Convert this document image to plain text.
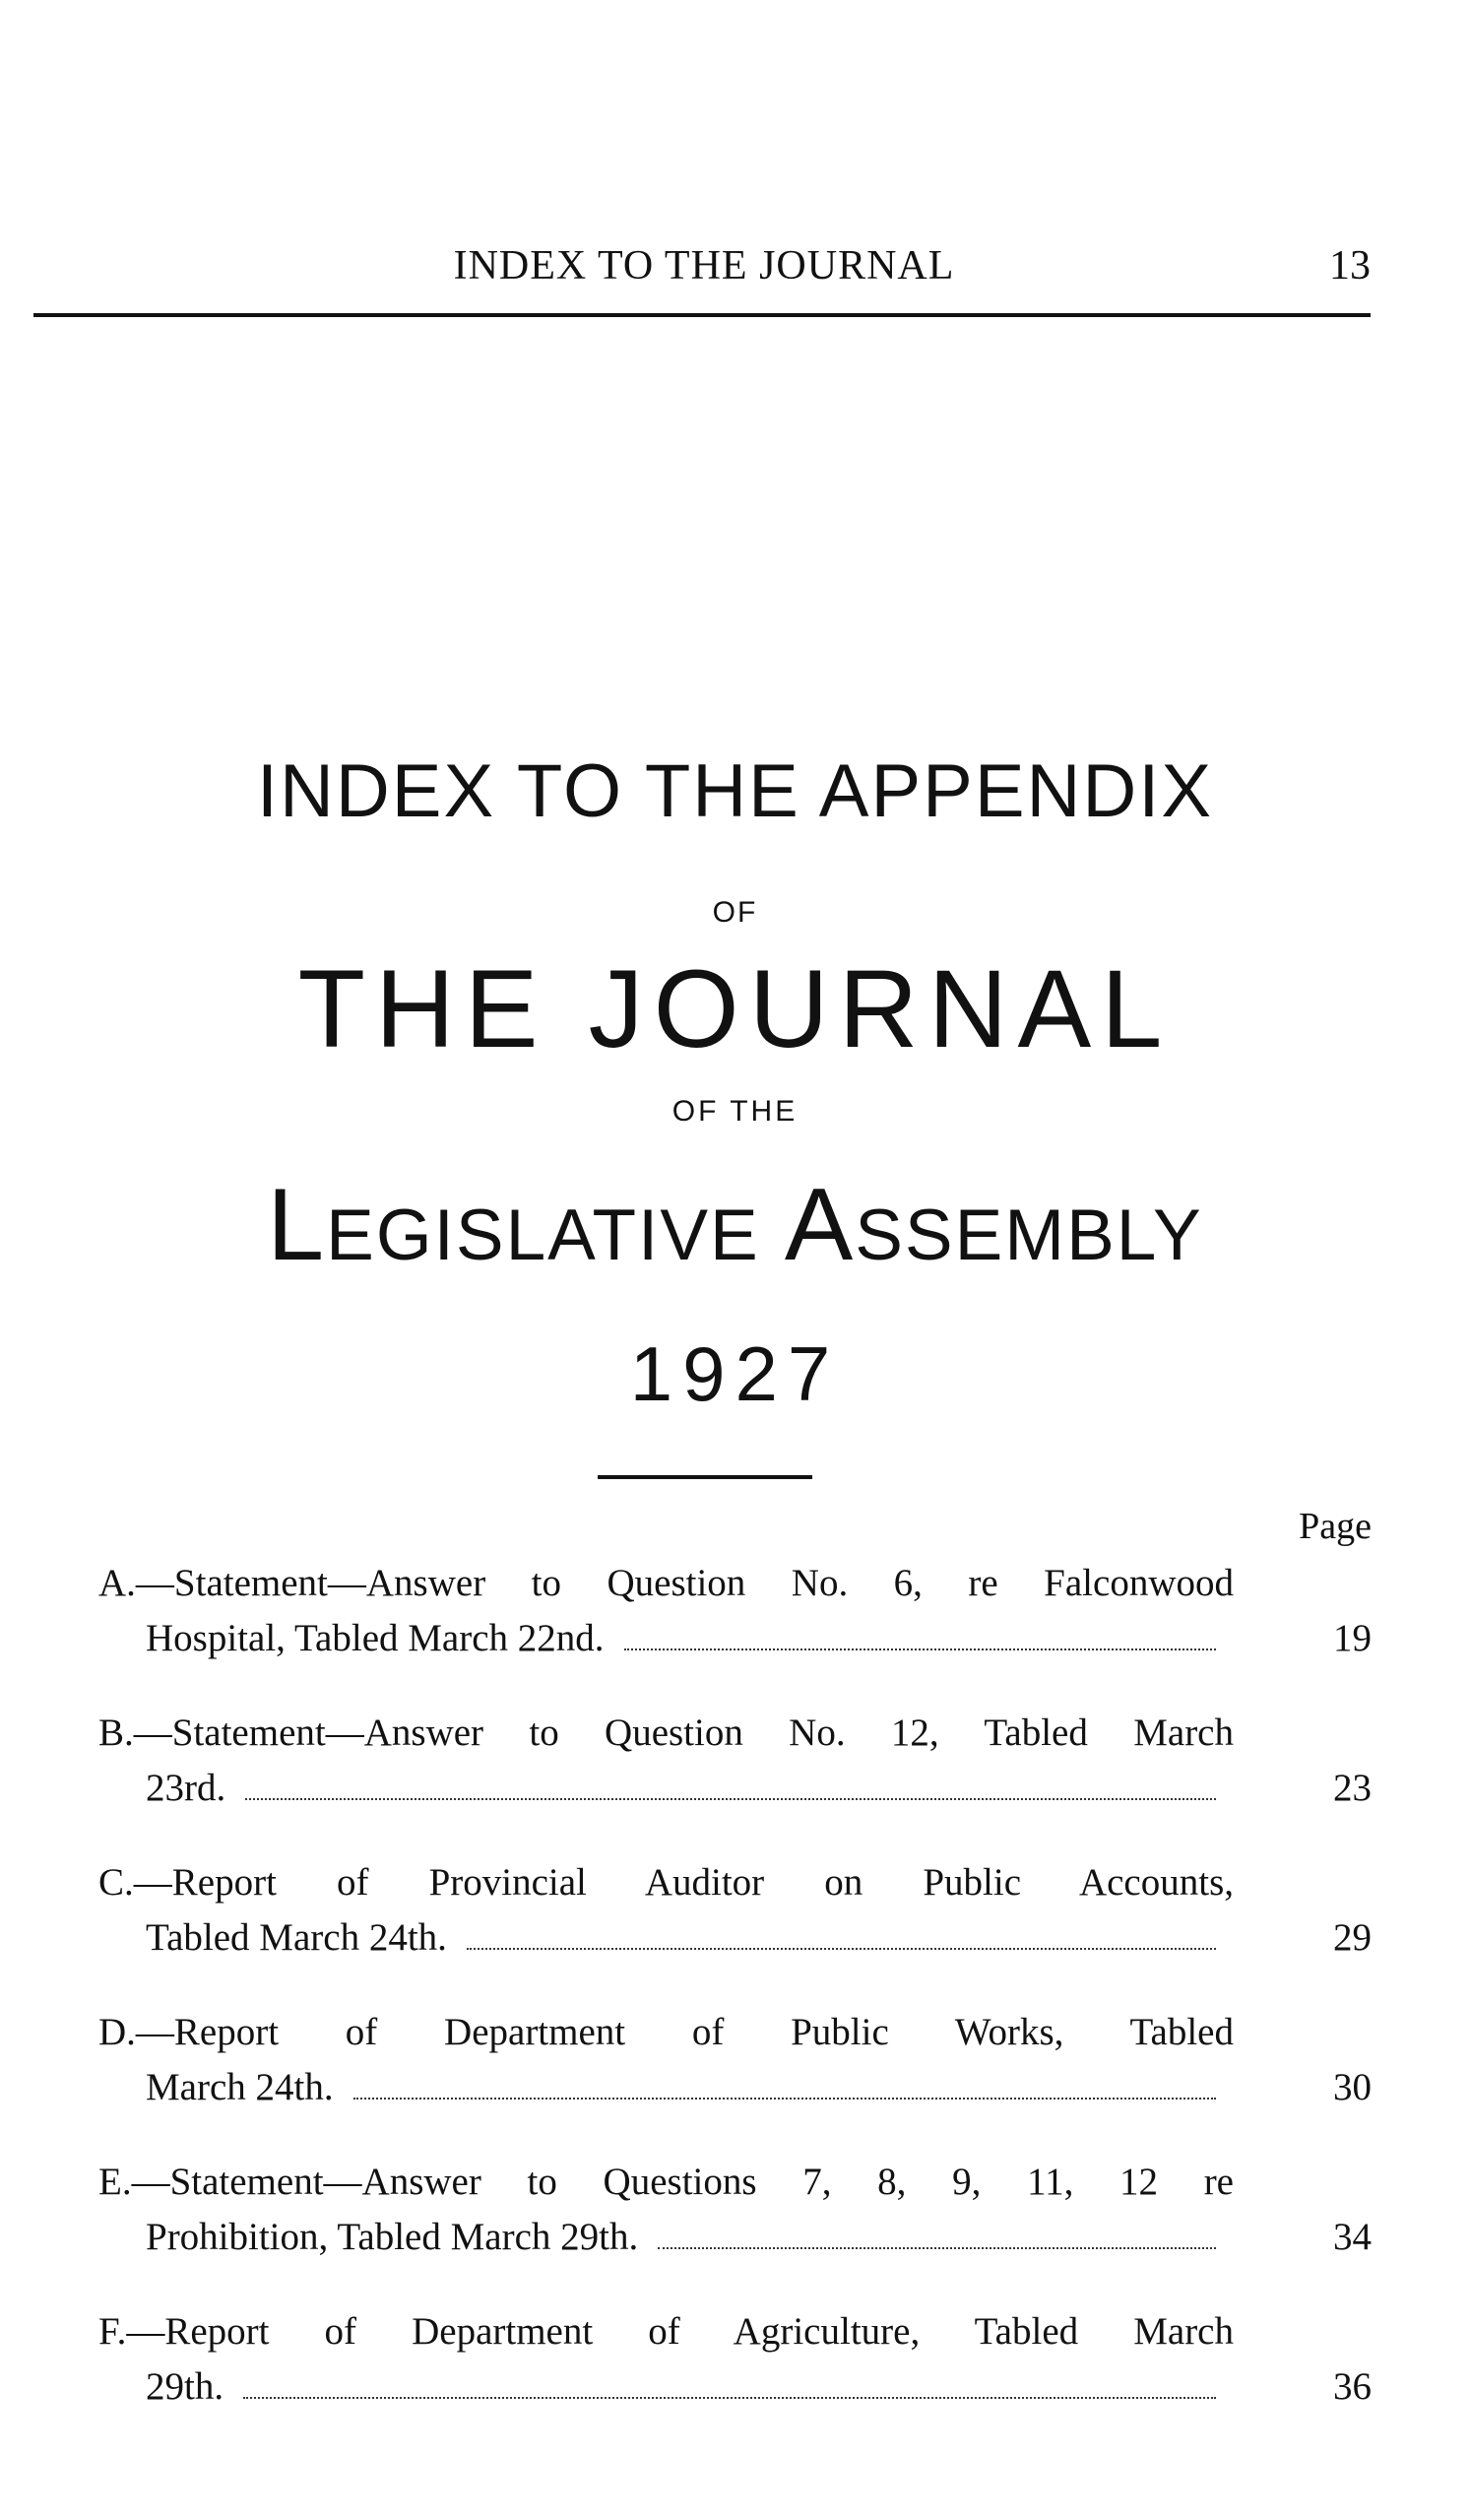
INDEX TO THE JOURNAL	13
INDEX TO THE APPENDIX
OF
THE JOURNAL
OF THE
Legislative Assembly
1927
Page
A.—Statement—Answer to Question No. 6, re Falconwood
Hospital, Tabled March 22nd.	19
B.—Statement—Answer to Question No. 12, Tabled March
23rd.	23
C.—Report of Provincial Auditor on Public Accounts,
Tabled March 24th.	29
D.—Report of Department of Public Works, Tabled
March 24th.	30
E.—Statement—Answer to Questions 7, 8, 9, 11, 12 re
Prohibition, Tabled March 29th.	34
F.—Report of Department of Agriculture, Tabled March
29th.	36
